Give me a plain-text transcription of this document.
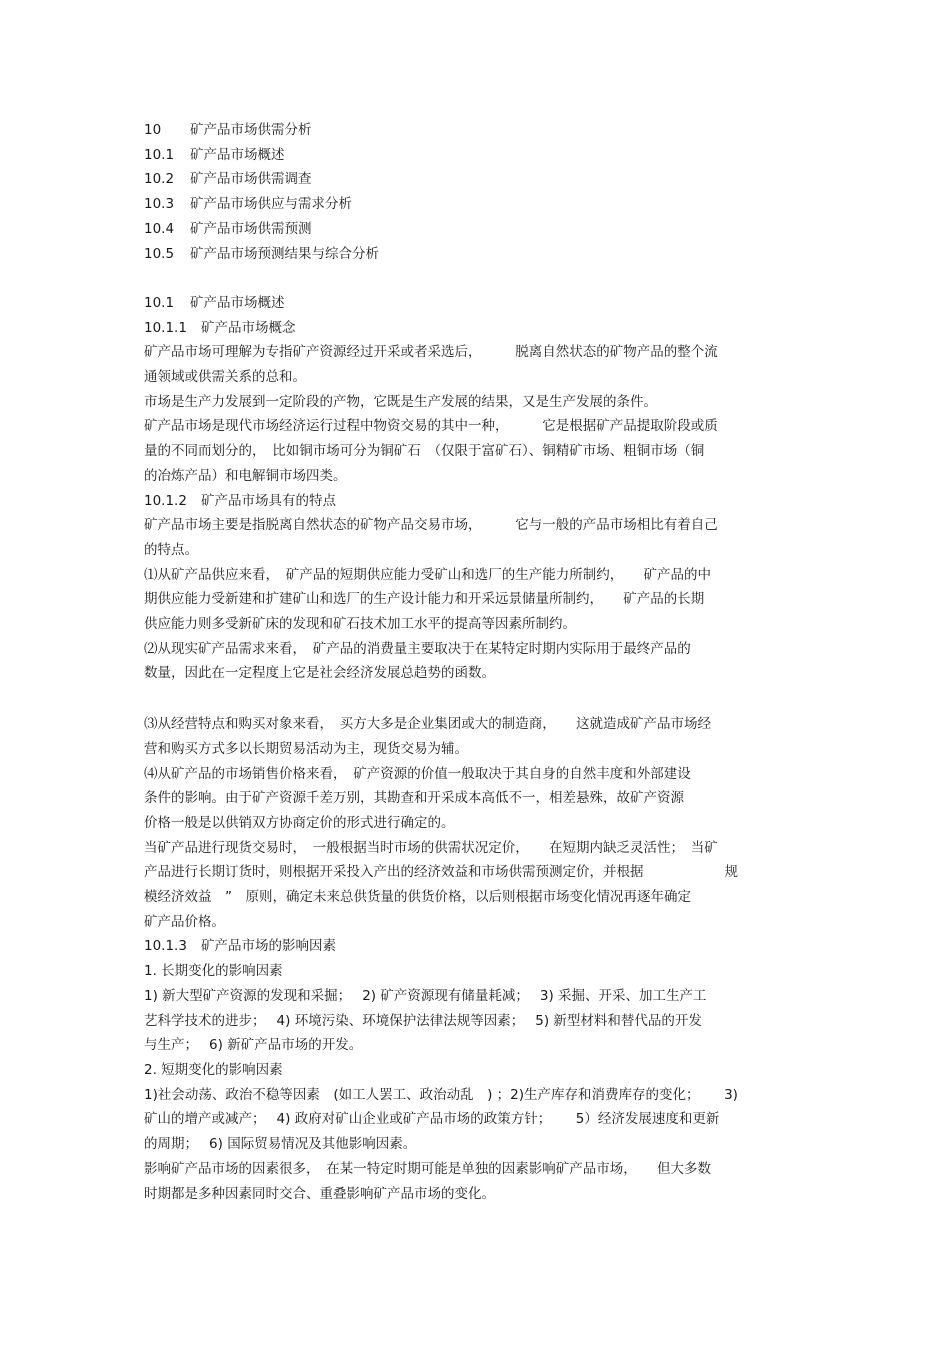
10 矿产品市场供需分析
10.1 矿产品市场概述
10.2 矿产品市场供需调查
10.3 矿产品市场供应与需求分析
10.4 矿产品市场供需预测
10.5 矿产品市场预测结果与综合分析
10.1 矿产品市场概述
10.1.1 矿产品市场概念
矿产品市场可理解为专指矿产资源经过开采或者采选后，　　　脱离自然状态的矿物产品的整个流
通领域或供需关系的总和。
市场是生产力发展到一定阶段的产物，它既是生产发展的结果，又是生产发展的条件。
矿产品市场是现代市场经济运行过程中物资交易的其中一种，　　　它是根据矿产品提取阶段或质
量的不同而划分的，　比如铜市场可分为铜矿石　（仅限于富矿石）、铜精矿市场、粗铜市场（铜
的冶炼产品）和电解铜市场四类。
10.1.2 矿产品市场具有的特点
矿产品市场主要是指脱离自然状态的矿物产品交易市场，　　　它与一般的产品市场相比有着自己
的特点。
⑴从矿产品供应来看，　矿产品的短期供应能力受矿山和选厂的生产能力所制约，　　矿产品的中
期供应能力受新建和扩建矿山和选厂的生产设计能力和开采远景储量所制约，　　矿产品的长期
供应能力则多受新矿床的发现和矿石技术加工水平的提高等因素所制约。
⑵从现实矿产品需求来看，　矿产品的消费量主要取决于在某特定时期内实际用于最终产品的
数量，因此在一定程度上它是社会经济发展总趋势的函数。
⑶从经营特点和购买对象来看，　买方大多是企业集团或大的制造商，　　这就造成矿产品市场经
营和购买方式多以长期贸易活动为主，现货交易为辅。
⑷从矿产品的市场销售价格来看，　矿产资源的价值一般取决于其自身的自然丰度和外部建设
条件的影响。由于矿产资源千差万别，其勘查和开采成本高低不一，相差悬殊，故矿产资源
价格一般是以供销双方协商定价的形式进行确定的。
当矿产品进行现货交易时，　一般根据当时市场的供需状况定价，　　在短期内缺乏灵活性；　当矿
产品进行长期订货时，则根据开采投入产出的经济效益和市场供需预测定价，并根据　　　　　　规
模经济效益　”　原则，确定未来总供货量的供货价格，以后则根据市场变化情况再逐年确定
矿产品价格。
10.1.3 矿产品市场的影响因素
1. 长期变化的影响因素
1) 新大型矿产资源的发现和采掘；　 2) 矿产资源现有储量耗减；　 3) 采掘、开采、加工生产工
艺科学技术的进步；　 4) 环境污染、环境保护法律法规等因素；　 5) 新型材料和替代品的开发
与生产；　 6) 新矿产品市场的开发。
2. 短期变化的影响因素
1)社会动荡、政治不稳等因素　(如工人罢工、政治动乱　) ；2)生产库存和消费库存的变化；　　 3)
矿山的增产或减产；　 4) 政府对矿山企业或矿产品市场的政策方针；　　 5）经济发展速度和更新
的周期；　 6) 国际贸易情况及其他影响因素。
影响矿产品市场的因素很多，　在某一特定时期可能是单独的因素影响矿产品市场，　　但大多数
时期都是多种因素同时交合、重叠影响矿产品市场的变化。
